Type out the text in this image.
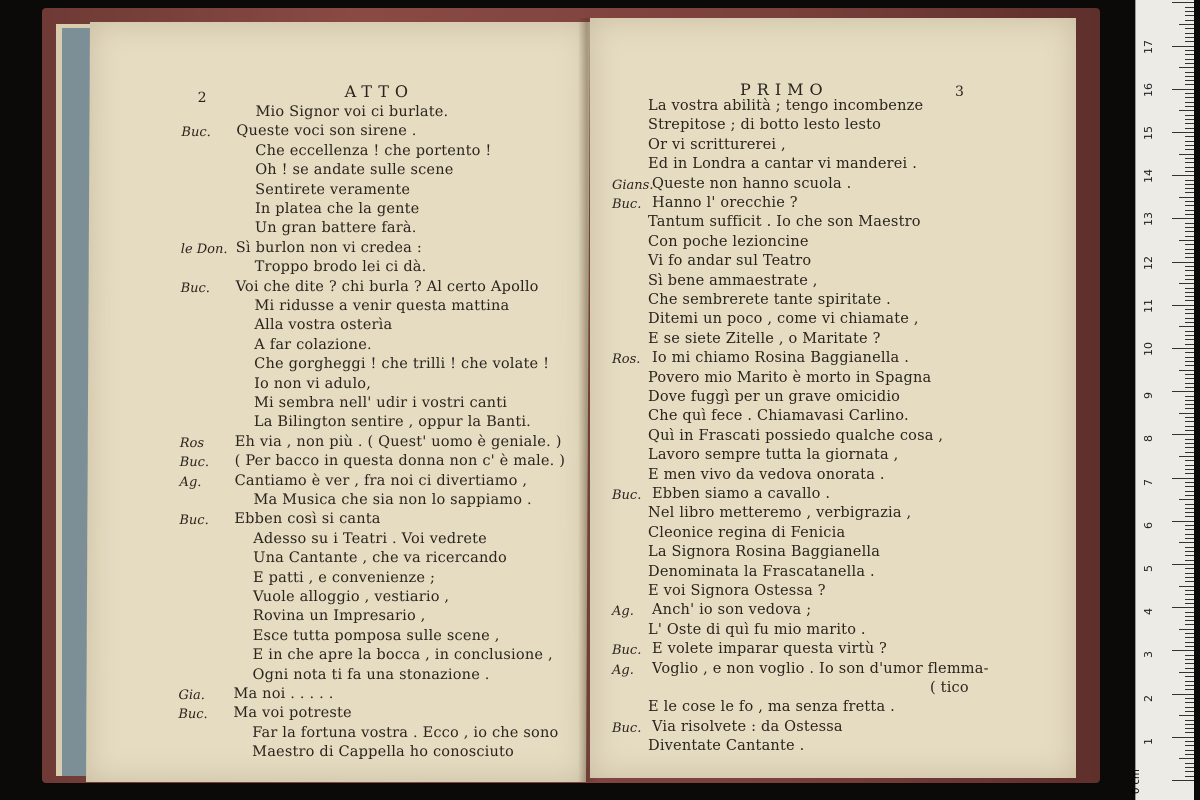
2	ATTO
Mio Signor voi ci burlate.
Buc. Queste voci son sirene .
Che eccellenza ! che portento !
Oh ! se andate sulle scene
Sentirete veramente
In platea che la gente
Un gran battere farà.
le Don. Sì burlon non vi credea :
Troppo brodo lei ci dà.
Buc. Voi che dite ? chi burla ? Al certo Apollo
Mi ridusse a venir questa mattina
Alla vostra osterìa
A far colazione.
Che gorgheggi ! che trilli ! che volate !
Io non vi adulo,
Mi sembra nell' udir i vostri canti
La Bilington sentire , oppur la Banti.
Ros Eh via , non più . ( Quest' uomo è geniale. )
Buc. ( Per bacco in questa donna non c' è male. )
Ag. Cantiamo è ver , fra noi ci divertiamo ,
Ma Musica che sia non lo sappiamo .
Buc. Ebben così si canta
Adesso su i Teatri . Voi vedrete
Una Cantante , che va ricercando
E patti , e convenienze ;
Vuole alloggio , vestiario ,
Rovina un Impresario ,
Esce tutta pomposa sulle scene ,
E in che apre la bocca , in conclusione ,
Ogni nota ti fa una stonazione .
Gia. Ma noi . . . . .
Buc. Ma voi potreste
Far la fortuna vostra . Ecco , io che sono
Maestro di Cappella ho conosciuto
PRIMO	3
La vostra abilità ; tengo incombenze
Strepitose ; di botto lesto lesto
Or vi scritturerei ,
Ed in Londra a cantar vi manderei .
Gians.
Queste non hanno scuola .
Buc. Hanno l' orecchie ?
Tantum sufficit . Io che son Maestro
Con poche lezioncine
Vi fo andar sul Teatro
Sì bene ammaestrate ,
Che sembrerete tante spiritate .
Ditemi un poco , come vi chiamate ,
E se siete Zitelle , o Maritate ?
Ros. Io mi chiamo Rosina Baggianella .
Povero mio Marito è morto in Spagna
Dove fuggì per un grave omicidio
Che quì fece . Chiamavasi Carlino.
Quì in Frascati possiedo qualche cosa ,
Lavoro sempre tutta la giornata ,
E men vivo da vedova onorata .
Buc. Ebben siamo a cavallo .
Nel libro metteremo , verbigrazia ,
Cleonice regina di Fenicia
La Signora Rosina Baggianella
Denominata la Frascatanella .
E voi Signora Ostessa ?
Ag. Anch' io son vedova ;
L' Oste di quì fu mio marito .
Buc. E volete imparar questa virtù ?
Ag. Voglio , e non voglio . Io son d'umor flemma-
( tico
E le cose le fo , ma senza fretta .
Buc. Via risolvete : da Ostessa
Diventate Cantante .
0 cm
1
2
3
4
5
6
7
8
9
10
11
12
13
14
15
16
17
